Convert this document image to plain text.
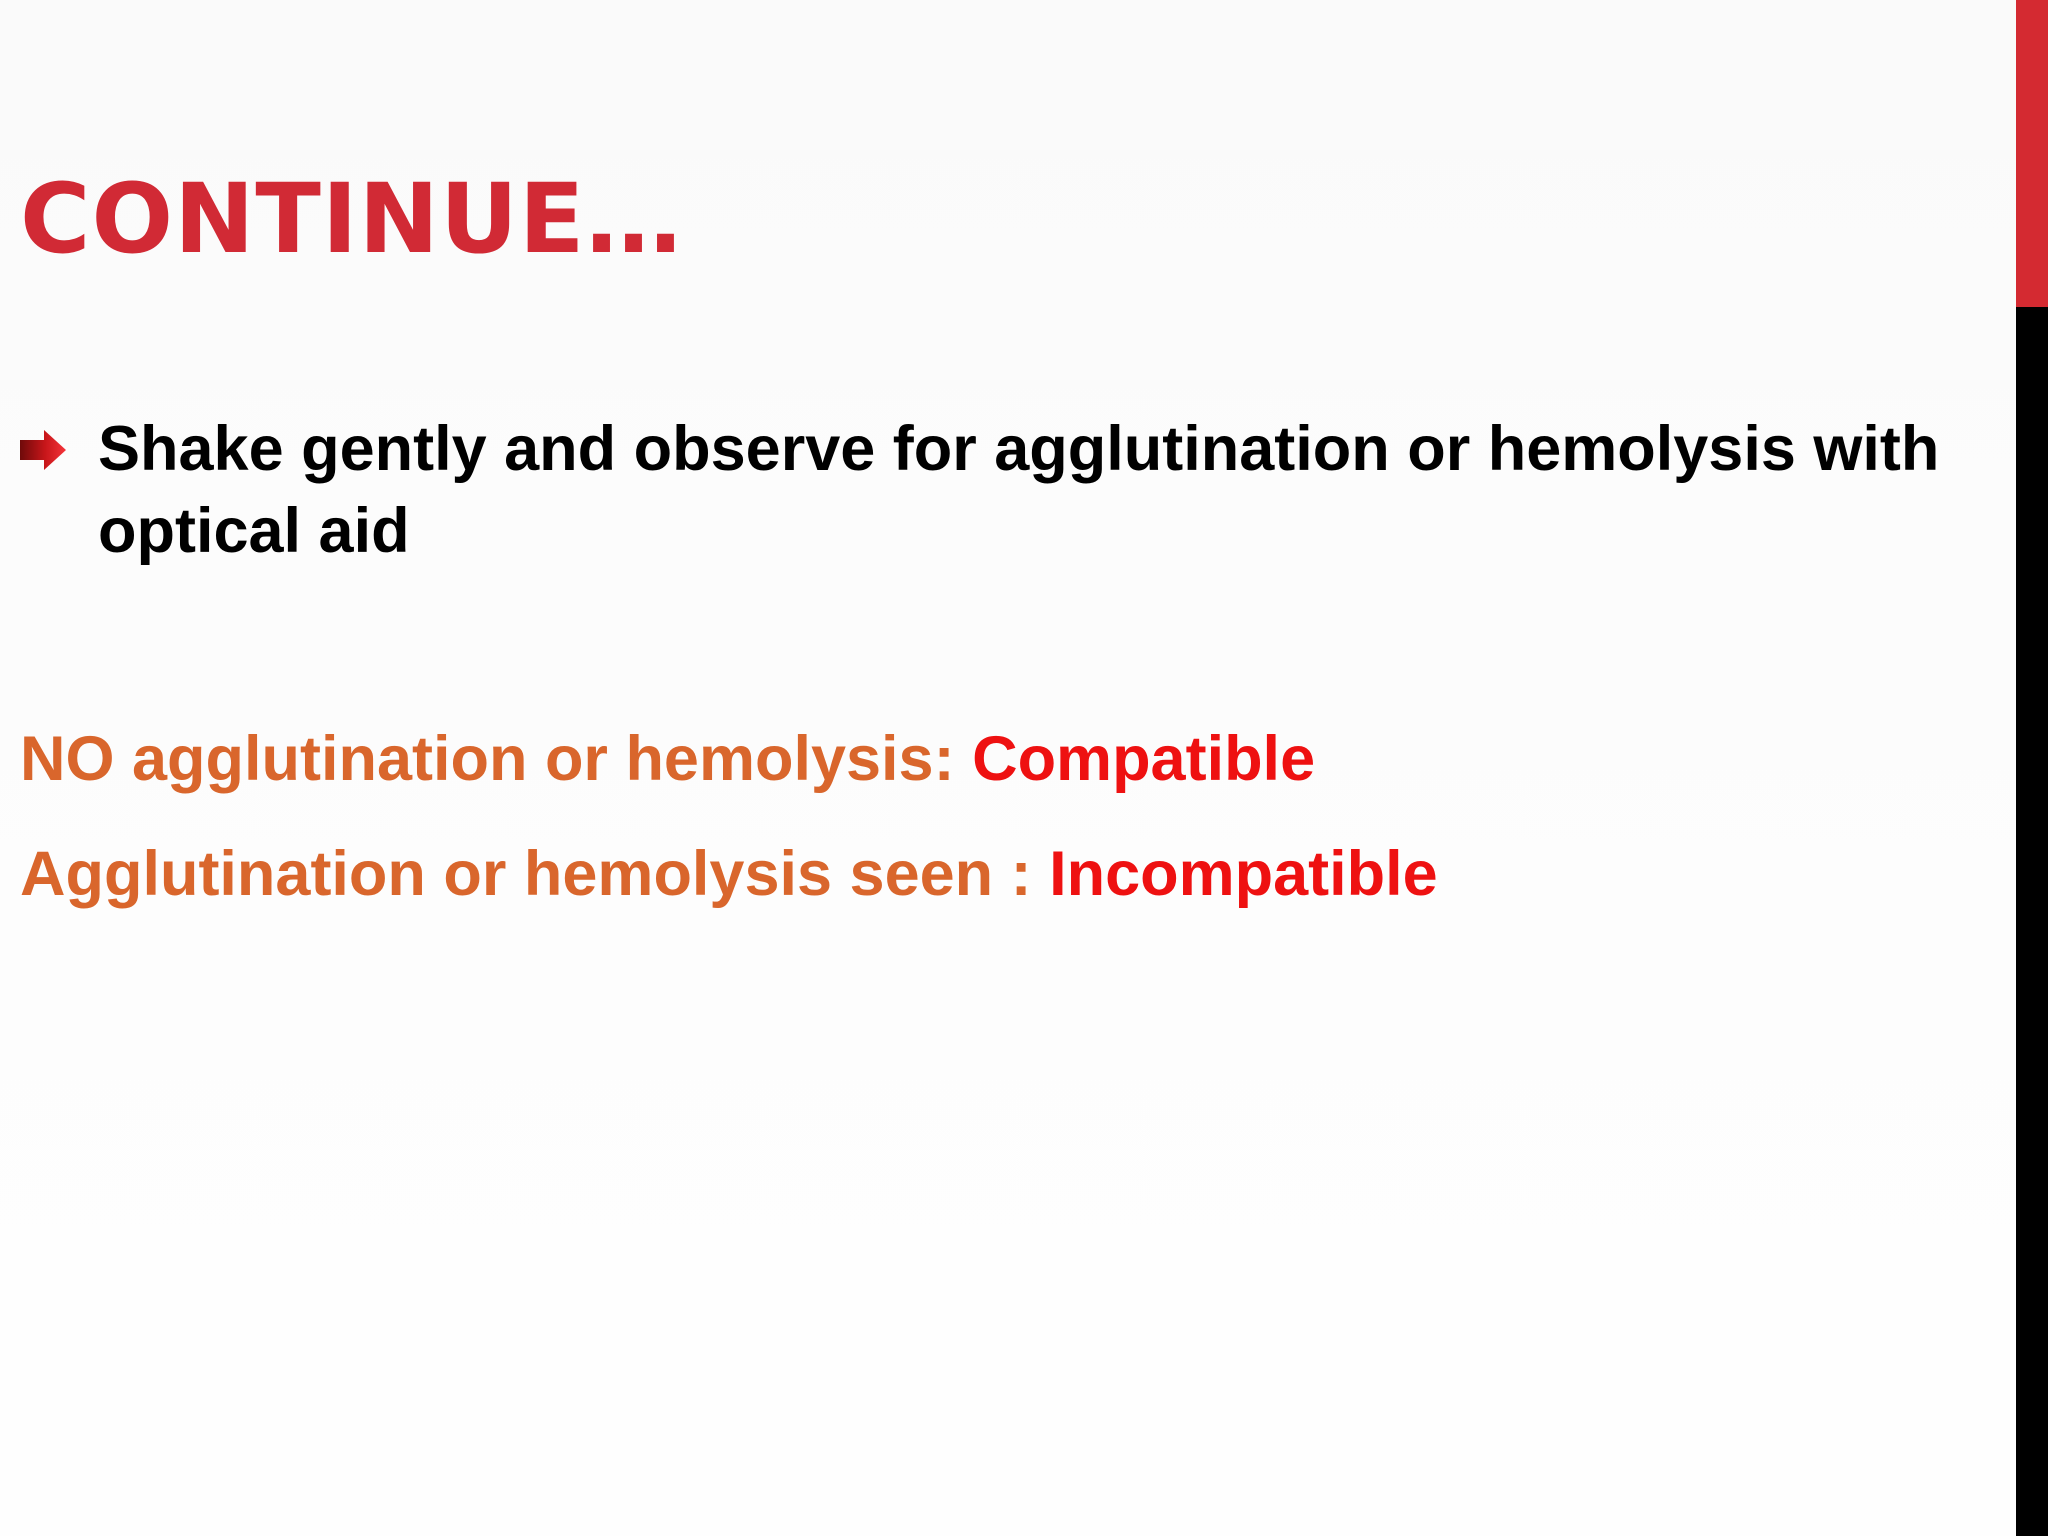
CONTINUE…

Shake gently and observe for agglutination or hemolysis with optical aid

NO agglutination or hemolysis: Compatible

Agglutination or hemolysis seen : Incompatible
